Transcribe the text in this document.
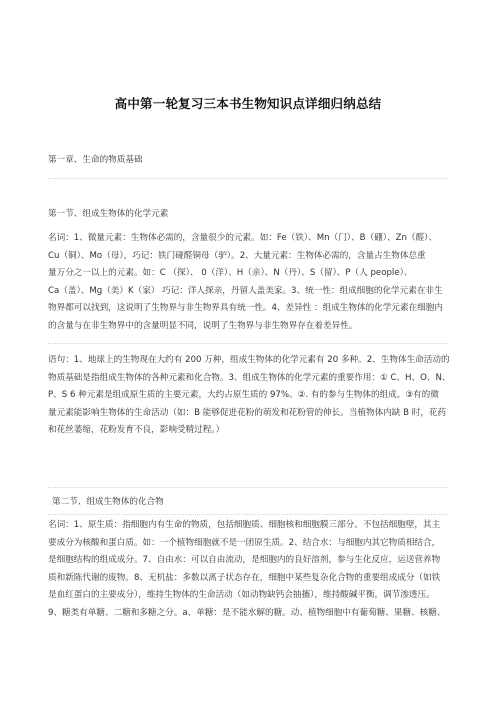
高中第一轮复习三本书生物知识点详细归纳总结
第一章、生命的物质基础
第一节、组成生物体的化学元素
名词：1、微量元素：生物体必需的，含量很少的元素。如：Fe（铁）、Mn（门）、B（硼）、Zn（醛）、
Cu（铜）、Mo（母），巧记：铁门碰醛铜母（驴）。2、大量元素：生物体必需的，含量占生物体总重
量万分之一以上的元素。如：C （探）、 0（洋）、H（亲）、N（丹）、S（留）、P（人 people）、
Ca（盖）、Mg（美）K（家） 巧记：洋人探亲，丹留人盖美家。3、统一性：组成细胞的化学元素在非生
物界都可以找到，这说明了生物界与非生物界具有统一性。4、差异性 ：组成生物体的化学元素在细胞内
的含量与在非生物界中的含量明显不同，说明了生物界与非生物界存在着差异性。
语句：1、地球上的生物现在大约有 200 万种，组成生物体的化学元素有 20 多种。2、生物体生命活动的
物质基础是指组成生物体的各种元素和化合物。3、组成生物体的化学元素的重要作用：① C、H、O、N、
P、S 6 种元素是组成原生质的主要元素，大约占原生质的 97%。②. 有的参与生物体的组成。③有的微
量元素能影响生物体的生命活动（如：B 能够促进花粉的萌发和花粉管的伸长。当植物体内缺 B 时，花药
和花丝萎缩，花粉发育不良，影响受精过程。）
第二节、组成生物体的化合物
名词：1、原生质：指细胞内有生命的物质，包括细胞质、细胞核和细胞膜三部分。不包括细胞壁，其主
要成分为核酸和蛋白质。如：一个植物细胞就不是一团原生质。2、结合水：与细胞内其它物质相结合，
是细胞结构的组成成分。7、自由水：可以自由流动，是细胞内的良好溶剂，参与生化反应，运送营养物
质和新陈代谢的废物。8、无机盐：多数以离子状态存在，细胞中某些复杂化合物的重要组成成分（如铁
是血红蛋白的主要成分），维持生物体的生命活动（如动物缺钙会抽搐），维持酸碱平衡，调节渗透压。
9、糖类有单糖、二糖和多糖之分。a、单糖：是不能水解的糖。动、植物细胞中有葡萄糖、果糖、核糖、
